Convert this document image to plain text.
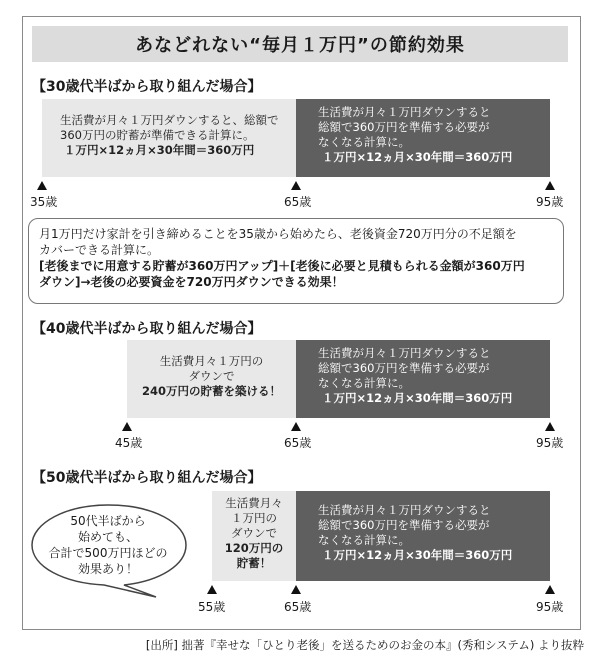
あなどれない“毎月１万円”の節約効果
【30歳代半ばから取り組んだ場合】
生活費が月々１万円ダウンすると、総額で
360万円の貯蓄が準備できる計算に。
１万円×12ヵ月×30年間＝360万円
生活費が月々１万円ダウンすると
総額で360万円を準備する必要が
なくなる計算に。
１万円×12ヵ月×30年間＝360万円
35歳	65歳	95歳
月1万円だけ家計を引き締めることを35歳から始めたら、老後資金720万円分の不足額を
カバーできる計算に。
[老後までに用意する貯蓄が360万円アップ]＋[老後に必要と見積もられる金額が360万円
ダウン]→老後の必要資金を720万円ダウンできる効果！
【40歳代半ばから取り組んだ場合】
生活費月々１万円の
ダウンで
240万円の貯蓄を築ける！
生活費が月々１万円ダウンすると
総額で360万円を準備する必要が
なくなる計算に。
１万円×12ヵ月×30年間＝360万円
45歳	65歳	95歳
【50歳代半ばから取り組んだ場合】
生活費月々
１万円の
ダウンで
120万円の
貯蓄！
生活費が月々１万円ダウンすると
総額で360万円を準備する必要が
なくなる計算に。
１万円×12ヵ月×30年間＝360万円
55歳	65歳	95歳
50代半ばから
始めても、
合計で500万円ほどの
効果あり！
[出所] 拙著『幸せな「ひとり老後」を送るためのお金の本』(秀和システム) より抜粋
